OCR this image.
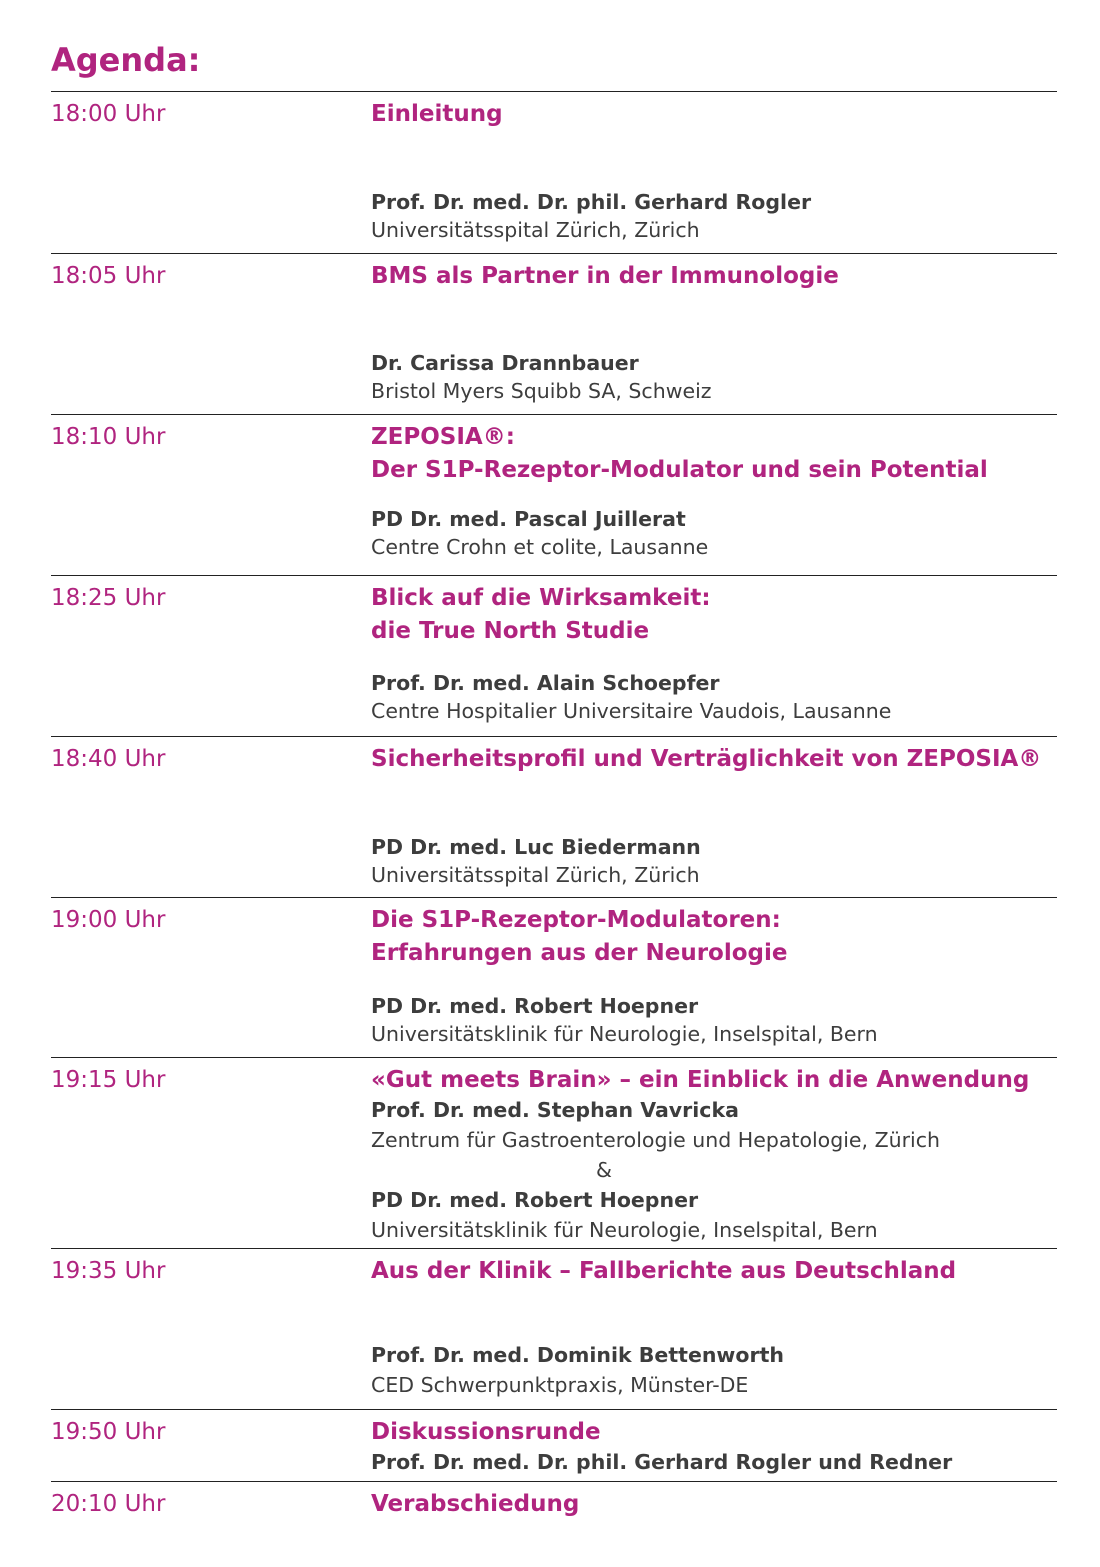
Agenda:
18:00 Uhr	Einleitung
Prof. Dr. med. Dr. phil. Gerhard Rogler
Universitätsspital Zürich, Zürich
18:05 Uhr	BMS als Partner in der Immunologie
Dr. Carissa Drannbauer
Bristol Myers Squibb SA, Schweiz
18:10 Uhr	ZEPOSIA®:
Der S1P-Rezeptor-Modulator und sein Potential
PD Dr. med. Pascal Juillerat
Centre Crohn et colite, Lausanne
18:25 Uhr	Blick auf die Wirksamkeit:
die True North Studie
Prof. Dr. med. Alain Schoepfer
Centre Hospitalier Universitaire Vaudois, Lausanne
18:40 Uhr	Sicherheitsprofil und Verträglichkeit von ZEPOSIA®
PD Dr. med. Luc Biedermann
Universitätsspital Zürich, Zürich
19:00 Uhr	Die S1P-Rezeptor-Modulatoren:
Erfahrungen aus der Neurologie
PD Dr. med. Robert Hoepner
Universitätsklinik für Neurologie, Inselspital, Bern
19:15 Uhr	«Gut meets Brain» – ein Einblick in die Anwendung
Prof. Dr. med. Stephan Vavricka
Zentrum für Gastroenterologie und Hepatologie, Zürich
&
PD Dr. med. Robert Hoepner
Universitätsklinik für Neurologie, Inselspital, Bern
19:35 Uhr	Aus der Klinik – Fallberichte aus Deutschland
Prof. Dr. med. Dominik Bettenworth
CED Schwerpunktpraxis, Münster-DE
19:50 Uhr	Diskussionsrunde
Prof. Dr. med. Dr. phil. Gerhard Rogler und Redner
20:10 Uhr	Verabschiedung
